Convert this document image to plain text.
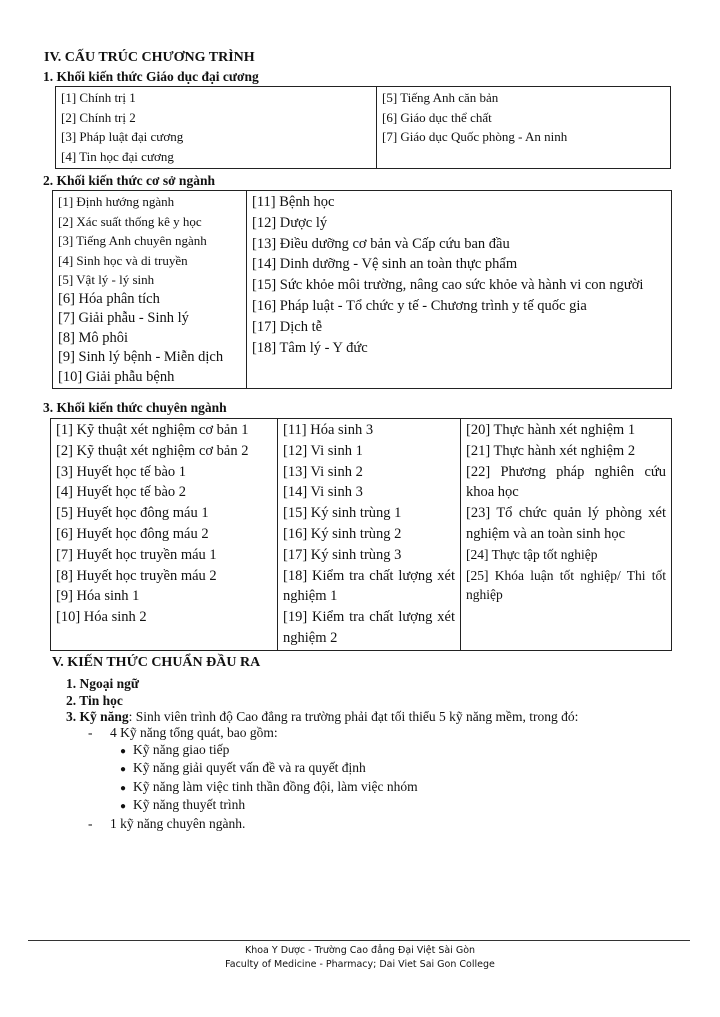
IV. CẤU TRÚC CHƯƠNG TRÌNH
1. Khối kiến thức Giáo dục đại cương
[1] Chính trị 1
[2] Chính trị 2
[3] Pháp luật đại cương
[4] Tin học đại cương

[5] Tiếng Anh căn bản
[6] Giáo dục thể chất
[7] Giáo dục Quốc phòng - An ninh
2. Khối kiến thức cơ sở ngành
[1] Định hướng ngành
[2] Xác suất thống kê y học
[3] Tiếng Anh chuyên ngành
[4] Sinh học và di truyền
[5] Vật lý - lý sinh
[6] Hóa phân tích
[7] Giải phẫu - Sinh lý
[8] Mô phôi
[9] Sinh lý bệnh - Miễn dịch
[10] Giải phẫu bệnh

[11] Bệnh học
[12] Dược lý
[13] Điều dưỡng cơ bản và Cấp cứu ban đầu
[14] Dinh dưỡng - Vệ sinh an toàn thực phẩm
[15] Sức khỏe môi trường, nâng cao sức khỏe và hành vi con người
[16] Pháp luật - Tổ chức y tế - Chương trình y tế quốc gia
[17] Dịch tễ
[18] Tâm lý - Y đức
3. Khối kiến thức chuyên ngành
[1] Kỹ thuật xét nghiệm cơ bản 1
[2] Kỹ thuật xét nghiệm cơ bản 2
[3] Huyết học tế bào 1
[4] Huyết học tế bào 2
[5] Huyết học đông máu 1
[6] Huyết học đông máu 2
[7] Huyết học truyền máu 1
[8] Huyết học truyền máu 2
[9] Hóa sinh 1
[10] Hóa sinh 2

[11] Hóa sinh 3
[12] Vi sinh 1
[13] Vi sinh 2
[14] Vi sinh 3
[15] Ký sinh trùng 1
[16] Ký sinh trùng 2
[17] Ký sinh trùng 3
[18] Kiểm tra chất lượng xét nghiệm 1
[19] Kiểm tra chất lượng xét nghiệm 2

[20] Thực hành xét nghiệm 1
[21] Thực hành xét nghiệm 2
[22] Phương pháp nghiên cứu khoa học
[23] Tổ chức quản lý phòng xét nghiệm và an toàn sinh học
[24] Thực tập tốt nghiệp
[25] Khóa luận tốt nghiệp/ Thi tốt nghiệp
V. KIẾN THỨC CHUẨN ĐẦU RA
1. Ngoại ngữ
2. Tin học
3. Kỹ năng: Sinh viên trình độ Cao đẳng ra trường phải đạt tối thiểu 5 kỹ năng mềm, trong đó:
- 4 Kỹ năng tổng quát, bao gồm:
● Kỹ năng giao tiếp
● Kỹ năng giải quyết vấn đề và ra quyết định
● Kỹ năng làm việc tinh thần đồng đội, làm việc nhóm
● Kỹ năng thuyết trình
- 1 kỹ năng chuyên ngành.
Khoa Y Dược - Trường Cao đẳng Đại Việt Sài Gòn
Faculty of Medicine - Pharmacy; Dai Viet Sai Gon College
